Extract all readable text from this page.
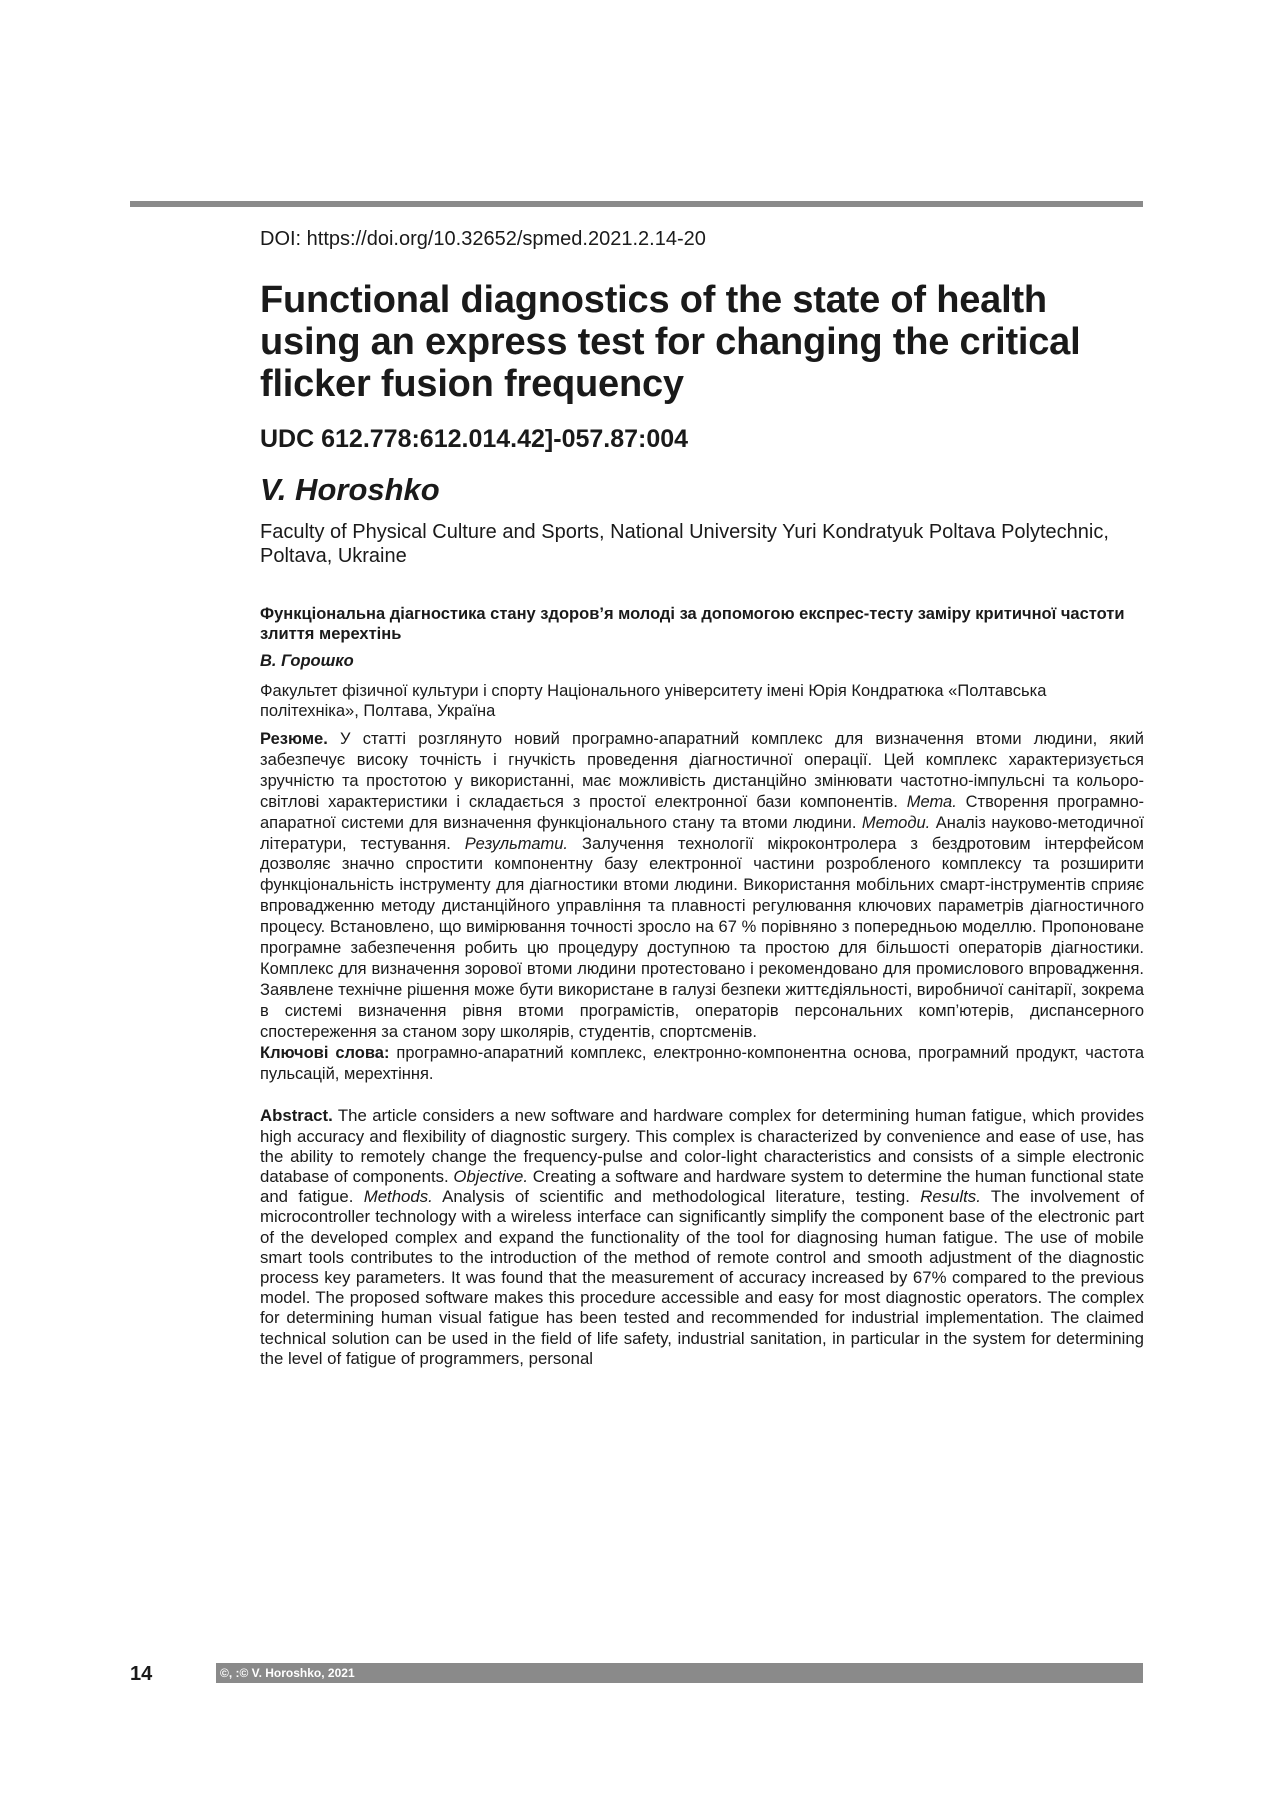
DOI: https://doi.org/10.32652/spmed.2021.2.14-20

Functional diagnostics of the state of health using an express test for changing the critical flicker fusion frequency

UDC 612.778:612.014.42]-057.87:004

V. Horoshko

Faculty of Physical Culture and Sports, National University Yuri Kondratyuk Poltava Polytechnic, Poltava, Ukraine

Функціональна діагностика стану здоров’я молоді за допомогою експрес-тесту заміру критичної частоти злиття мерехтінь

В. Горошко

Факультет фізичної культури і спорту Національного університету імені Юрія Кондратюка «Полтавська політехніка», Полтава, Україна

Резюме. У статті розглянуто новий програмно-апаратний комплекс для визначення втоми людини, який забезпечує високу точність і гнучкість проведення діагностичної операції. Цей комплекс характеризується зручністю та простотою у використанні, має можливість дистанційно змінювати частотно-імпульсні та кольоро-світлові характеристики і складається з простої електронної бази компонентів. Мета. Створення програмно-апаратної системи для визначення функціонального стану та втоми людини. Методи. Аналіз науково-методичної літератури, тестування. Результати. Залучення технології мікроконтролера з бездротовим інтерфейсом дозволяє значно спростити компонентну базу електронної частини розробленого комплексу та розширити функціональність інструменту для діагностики втоми людини. Використання мобільних смарт-інструментів сприяє впровадженню методу дистанційного управління та плавності регулювання ключових параметрів діагностичного процесу. Встановлено, що вимірювання точності зросло на 67 % порівняно з попередньою моделлю. Пропоноване програмне забезпечення робить цю процедуру доступною та простою для більшості операторів діагностики. Комплекс для визначення зорової втоми людини протестовано і рекомендовано для промислового впровадження. Заявлене технічне рішення може бути використане в галузі безпеки життєдіяльності, виробничої санітарії, зокрема в системі визначення рівня втоми програмістів, операторів персональних комп’ютерів, диспансерного спостереження за станом зору школярів, студентів, спортсменів.

Ключові слова: програмно-апаратний комплекс, електронно-компонентна основа, програмний продукт, частота пульсацій, мерехтіння.

Abstract. The article considers a new software and hardware complex for determining human fatigue, which provides high accuracy and flexibility of diagnostic surgery. This complex is characterized by convenience and ease of use, has the ability to remotely change the frequency-pulse and color-light characteristics and consists of a simple electronic database of components. Objective. Creating a software and hardware system to determine the human functional state and fatigue. Methods. Analysis of scientific and methodological literature, testing. Results. The involvement of microcontroller technology with a wireless interface can significantly simplify the component base of the electronic part of the developed complex and expand the functionality of the tool for diagnosing human fatigue. The use of mobile smart tools contributes to the introduction of the method of remote control and smooth adjustment of the diagnostic process key parameters. It was found that the measurement of accuracy increased by 67% compared to the previous model. The proposed software makes this procedure accessible and easy for most diagnostic operators. The complex for determining human visual fatigue has been tested and recommended for industrial implementation. The claimed technical solution can be used in the field of life safety, industrial sanitation, in particular in the system for determining the level of fatigue of programmers, personal

14	©, :© V. Horoshko, 2021
